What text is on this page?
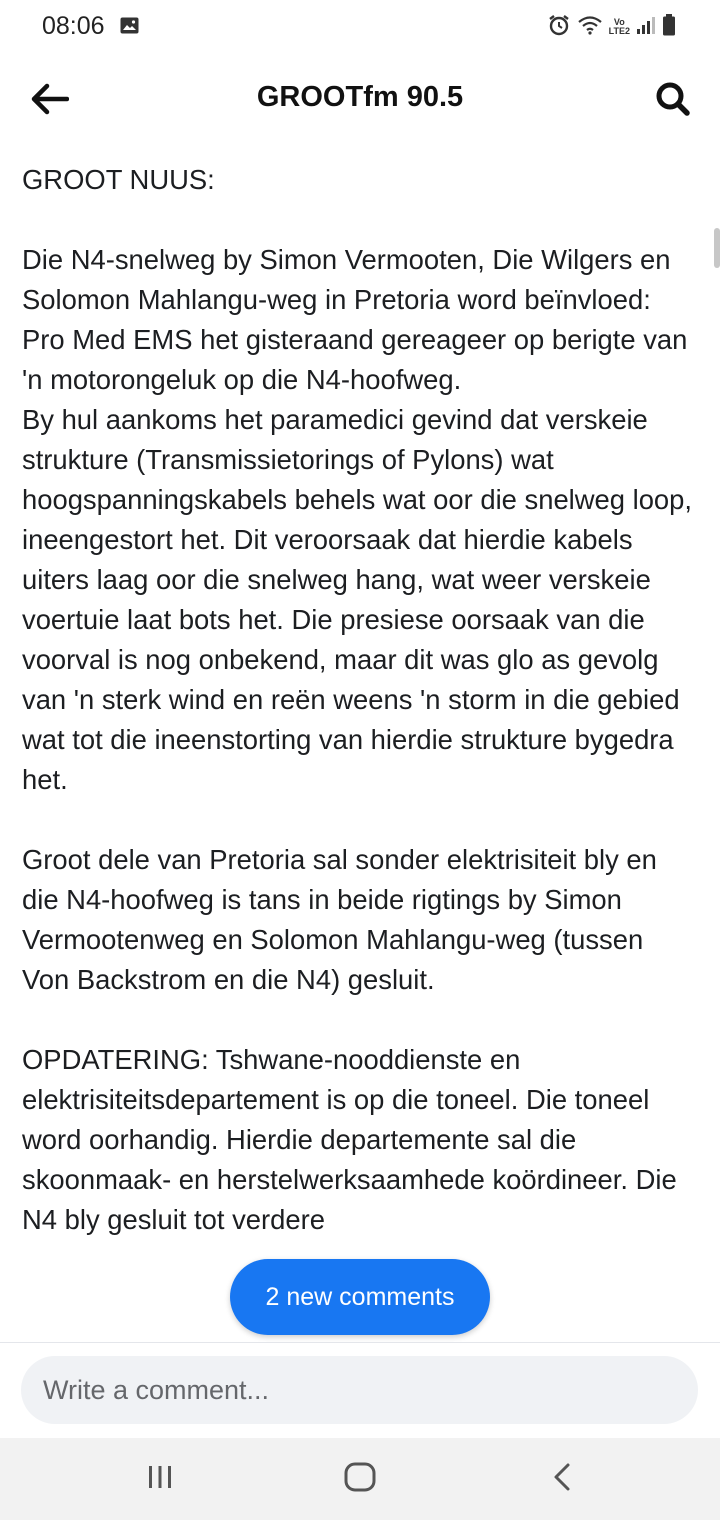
08:06	Vo
LTE2
GROOTfm 90.5

GROOT NUUS:

Die N4-snelweg by Simon Vermooten, Die Wilgers en Solomon Mahlangu-weg in Pretoria word beïnvloed: Pro Med EMS het gisteraand gereageer op berigte van 'n motorongeluk op die N4-hoofweg.
By hul aankoms het paramedici gevind dat verskeie strukture (Transmissietorings of Pylons) wat hoogspanningskabels behels wat oor die snelweg loop, ineengestort het. Dit veroorsaak dat hierdie kabels uiters laag oor die snelweg hang, wat weer verskeie voertuie laat bots het. Die presiese oorsaak van die voorval is nog onbekend, maar dit was glo as gevolg van 'n sterk wind en reën weens 'n storm in die gebied wat tot die ineenstorting van hierdie strukture bygedra het.

Groot dele van Pretoria sal sonder elektrisiteit bly en die N4-hoofweg is tans in beide rigtings by Simon Vermootenweg en Solomon Mahlangu-weg (tussen Von Backstrom en die N4) gesluit.

OPDATERING: Tshwane-nooddienste en elektrisiteitsdepartement is op die toneel. Die toneel word oorhandig. Hierdie departemente sal die skoonmaak- en herstelwerksaamhede koördineer. Die N4 bly gesluit tot verdere

2 new comments
Write a comment...
